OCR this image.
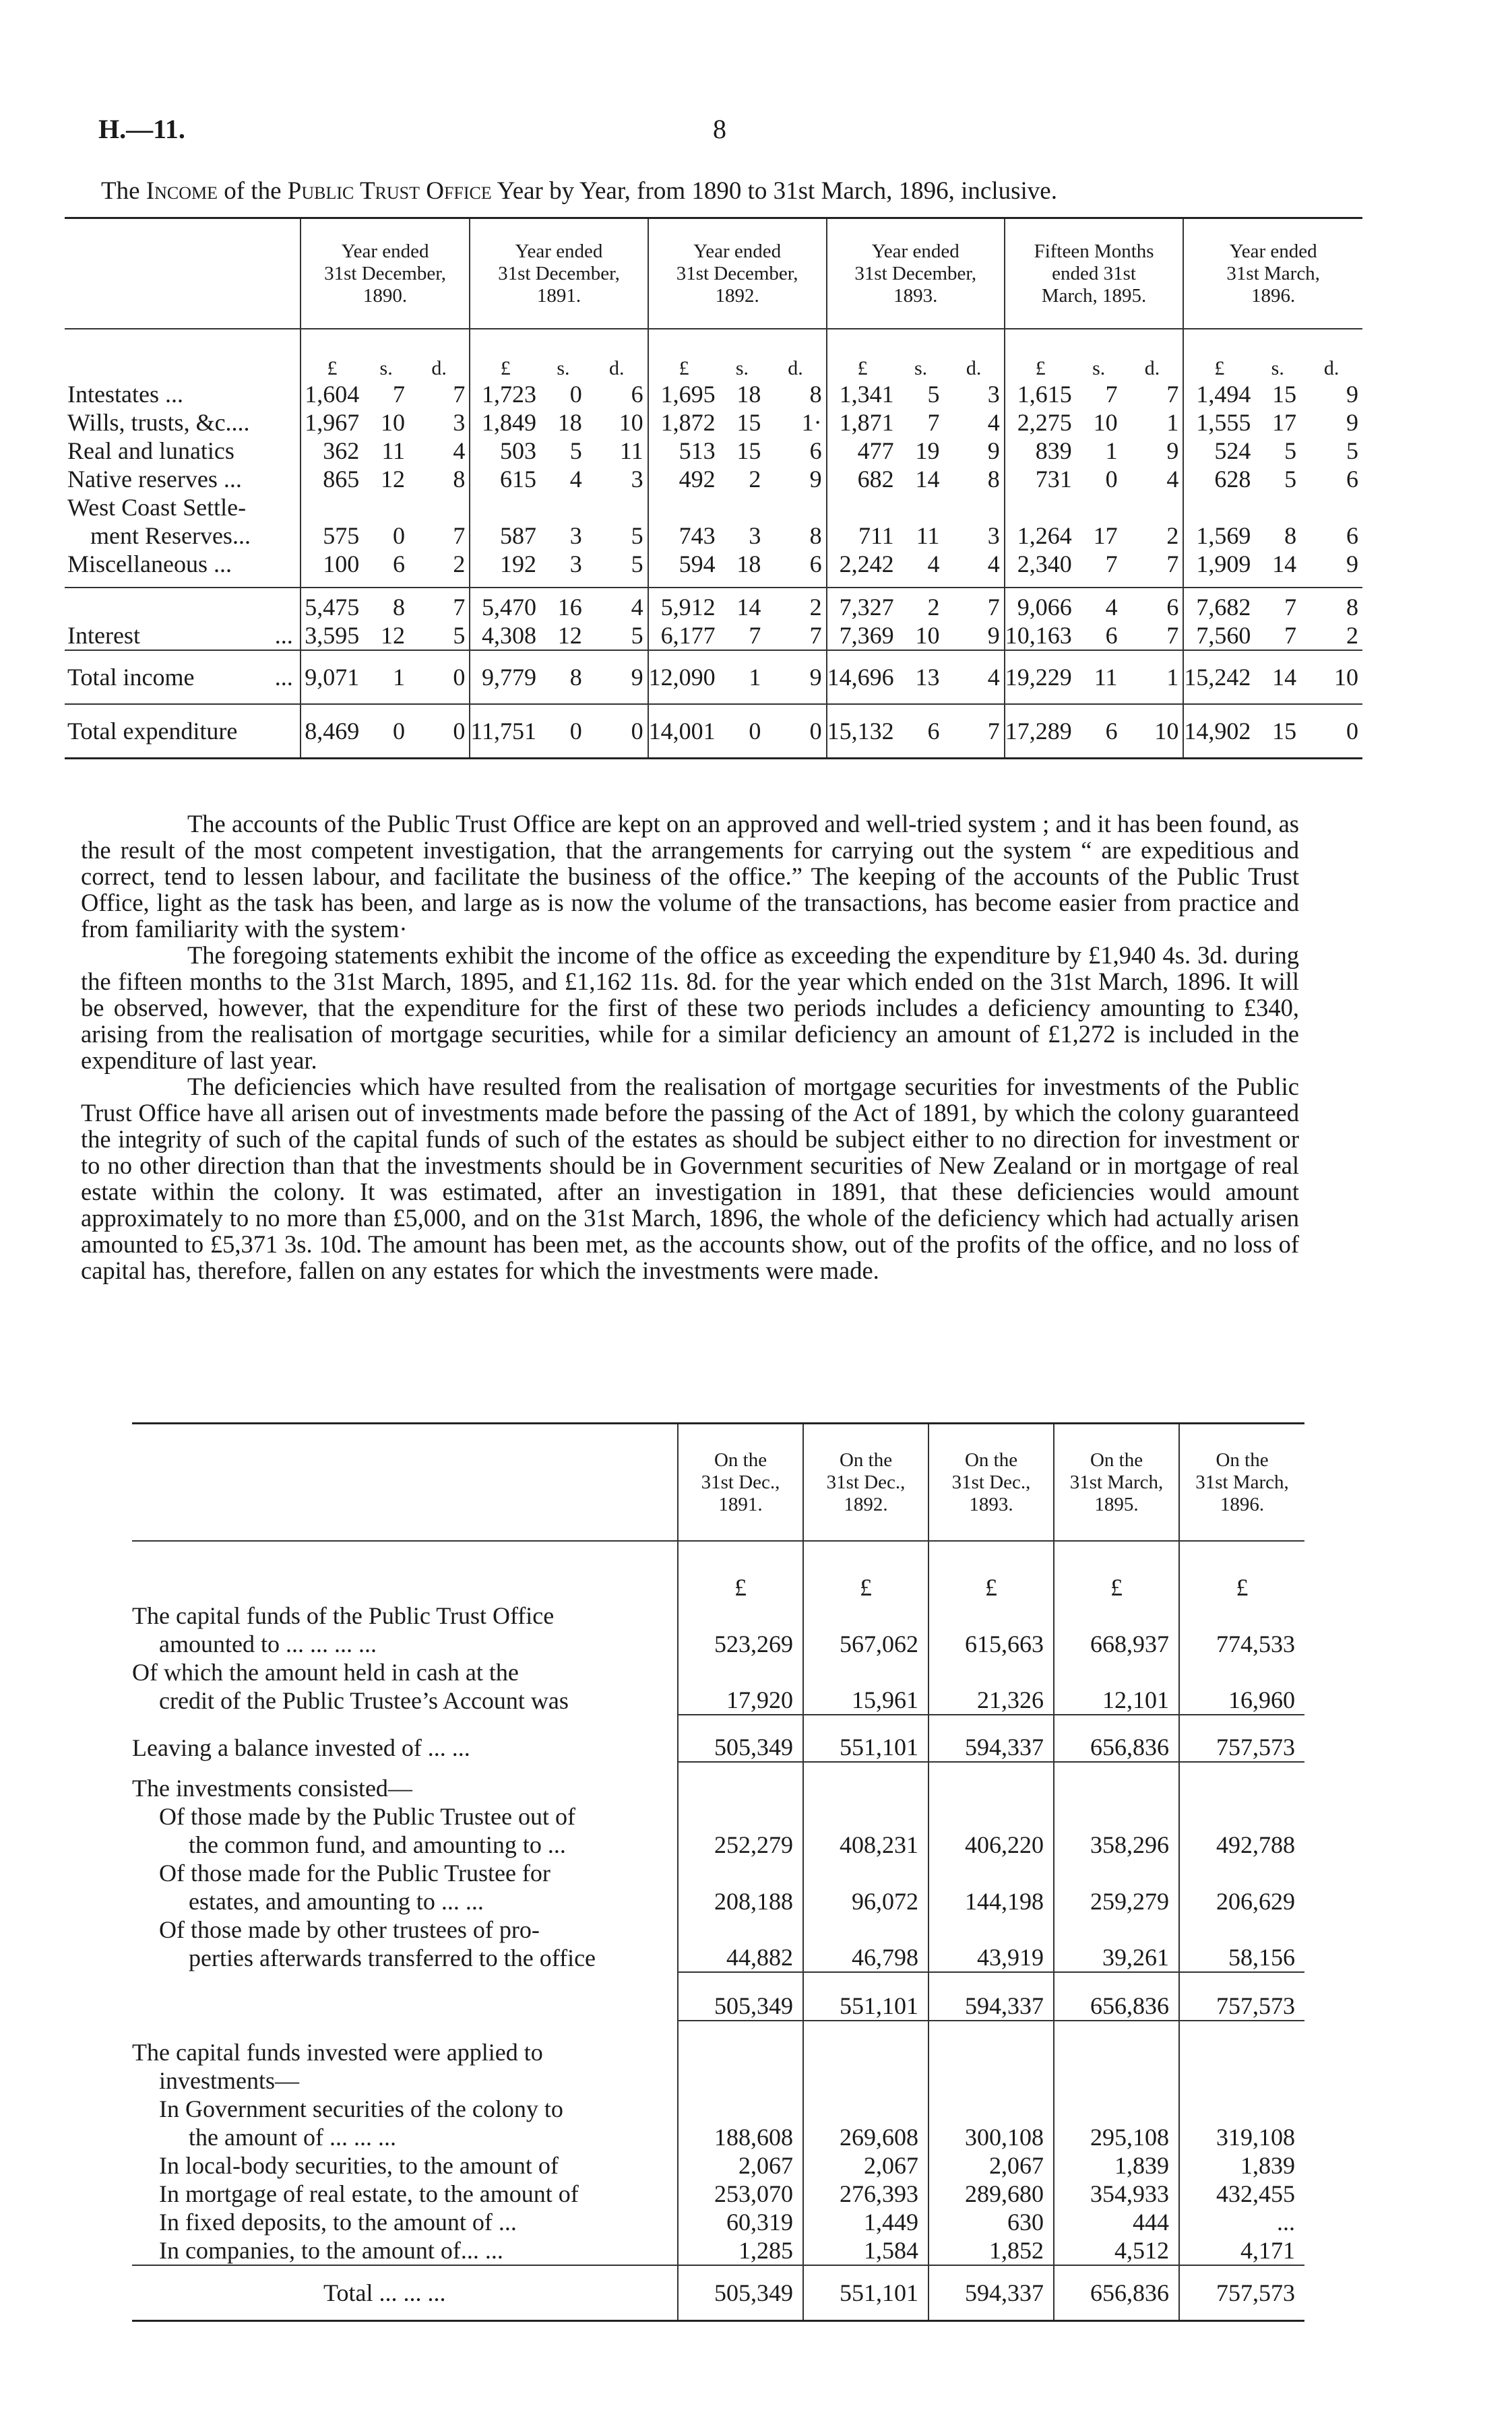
H.—11.	8
The Income of the Public Trust Office Year by Year, from 1890 to 31st March, 1896, inclusive.

	Year ended
31st December,
1890.			Year ended
31st December,
1891.			Year ended
31st December,
1892.			Year ended
31st December,
1893.			Fifteen Months
ended 31st
March, 1895.			Year ended
31st March,
1896.		

	£	s.	d.	£	s.	d.	£	s.	d.	£	s.	d.	£	s.	d.	£	s.	d.
Intestates ...	1,604	7	7	1,723	0	6	1,695	18	8	1,341	5	3	1,615	7	7	1,494	15	9
Wills, trusts, &c....	1,967	10	3	1,849	18	10	1,872	15	1·	1,871	7	4	2,275	10	1	1,555	17	9
Real and lunatics	362	11	4	503	5	11	513	15	6	477	19	9	839	1	9	524	5	5
Native reserves ...	865	12	8	615	4	3	492	2	9	682	14	8	731	0	4	628	5	6

West Coast Settle-
ment Reserves...	575	0	7	587	3	5	743	3	8	711	11	3	1,264	17	2	1,569	8	6
Miscellaneous ...	100	6	2	192	3	5	594	18	6	2,242	4	4	2,340	7	7	1,909	14	9

	5,475	8	7	5,470	16	4	5,912	14	2	7,327	2	7	9,066	4	6	7,682	7	8
Interest ...	3,595	12	5	4,308	12	5	6,177	7	7	7,369	10	9	10,163	6	7	7,560	7	2
Total income ...	9,071	1	0	9,779	8	9	12,090	1	9	14,696	13	4	19,229	11	1	15,242	14	10
Total expenditure	8,469	0	0	11,751	0	0	14,001	0	0	15,132	6	7	17,289	6	10	14,902	15	0

The accounts of the Public Trust Office are kept on an approved and well-tried system ; and it has been found, as the result of the most competent investigation, that the arrangements for carrying out the system “ are expeditious and correct, tend to lessen labour, and facilitate the business of the office.” The keeping of the accounts of the Public Trust Office, light as the task has been, and large as is now the volume of the transactions, has become easier from practice and from familiarity with the system·

The foregoing statements exhibit the income of the office as exceeding the expenditure by £1,940 4s. 3d. during the fifteen months to the 31st March, 1895, and £1,162 11s. 8d. for the year which ended on the 31st March, 1896. It will be observed, however, that the expenditure for the first of these two periods includes a deficiency amounting to £340, arising from the realisation of mortgage securities, while for a similar deficiency an amount of £1,272 is included in the expenditure of last year.

The deficiencies which have resulted from the realisation of mortgage securities for investments of the Public Trust Office have all arisen out of investments made before the passing of the Act of 1891, by which the colony guaranteed the integrity of such of the capital funds of such of the estates as should be subject either to no direction for investment or to no other direction than that the investments should be in Government securities of New Zealand or in mortgage of real estate within the colony. It was estimated, after an investigation in 1891, that these deficiencies would amount approximately to no more than £5,000, and on the 31st March, 1896, the whole of the deficiency which had actually arisen amounted to £5,371 3s. 10d. The amount has been met, as the accounts show, out of the profits of the office, and no loss of capital has, therefore, fallen on any estates for which the investments were made.

	On the
31st Dec.,
1891.	On the
31st Dec.,
1892.	On the
31st Dec.,
1893.	On the
31st March,
1895.	On the
31st March,
1896.

	£	£	£	£	£

The capital funds of the Public Trust Office
amounted to ... ... ... ...	523,269	567,062	615,663	668,937	774,533

Of which the amount held in cash at the
credit of the Public Trustee’s Account was	17,920	15,961	21,326	12,101	16,960

Leaving a balance invested of ... ...	505,349	551,101	594,337	656,836	757,573

The investments consisted—					

Of those made by the Public Trustee out of
the common fund, and amounting to ...	252,279	408,231	406,220	358,296	492,788

Of those made for the Public Trustee for
estates, and amounting to ... ...	208,188	96,072	144,198	259,279	206,629

Of those made by other trustees of pro-
perties afterwards transferred to the office	44,882	46,798	43,919	39,261	58,156
	505,349	551,101	594,337	656,836	757,573

The capital funds invested were applied to
investments—					

In Government securities of the colony to
the amount of ... ... ...	188,608	269,608	300,108	295,108	319,108

In local-body securities, to the amount of	2,067	2,067	2,067	1,839	1,839

In mortgage of real estate, to the amount of	253,070	276,393	289,680	354,933	432,455

In fixed deposits, to the amount of ...	60,319	1,449	630	444	...

In companies, to the amount of... ...	1,285	1,584	1,852	4,512	4,171

Total ... ... ...	505,349	551,101	594,337	656,836	757,573
